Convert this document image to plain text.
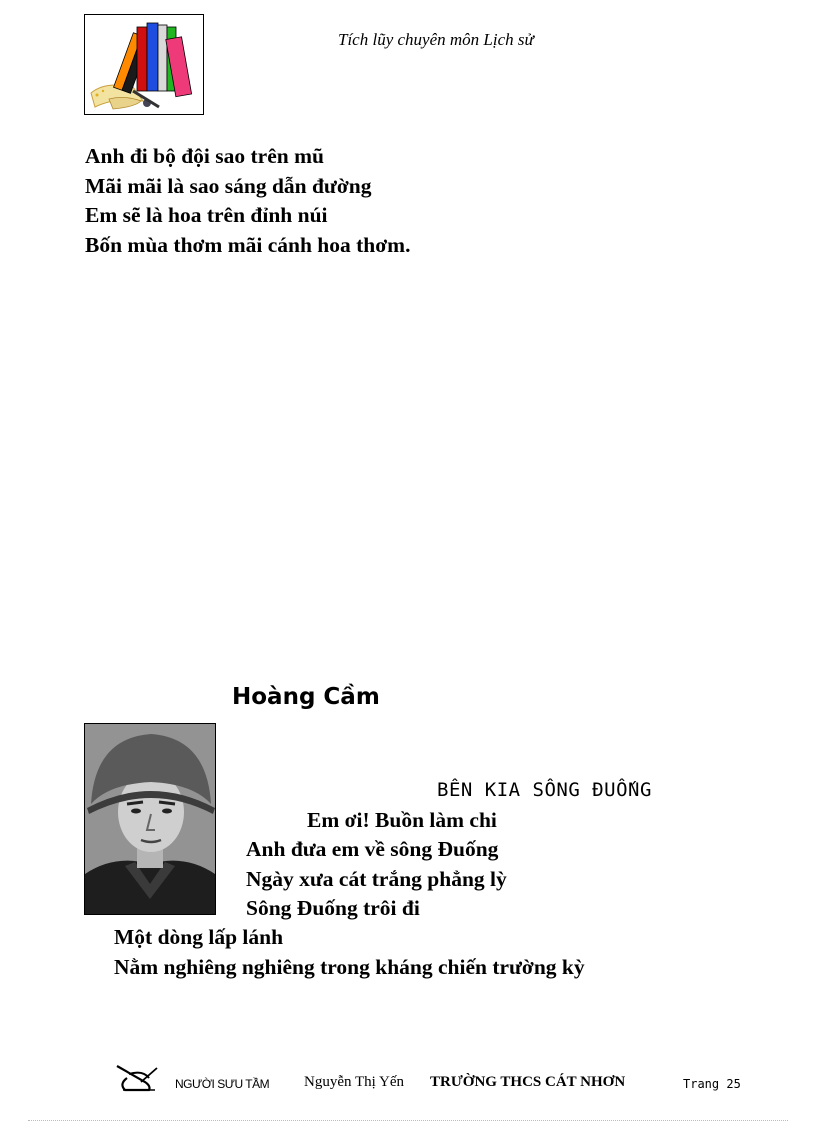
Tích lũy chuyên môn Lịch sử
Anh đi bộ đội sao trên mũ
Mãi mãi là sao sáng dẫn đường
Em sẽ là hoa trên đỉnh núi
Bốn mùa thơm mãi cánh hoa thơm.
Hoàng Cầm
BÊN KIA SÔNG ĐUỐNG
Em ơi! Buồn làm chi
Anh đưa em về sông Đuống
Ngày xưa cát trắng phẳng lỳ
Sông Đuống trôi đi
Một dòng lấp lánh
Nằm nghiêng nghiêng trong kháng chiến trường kỳ
NGƯỜI SƯU TẦM Nguyễn Thị Yến TRƯỜNG THCS CÁT NHƠN	Trang 25
